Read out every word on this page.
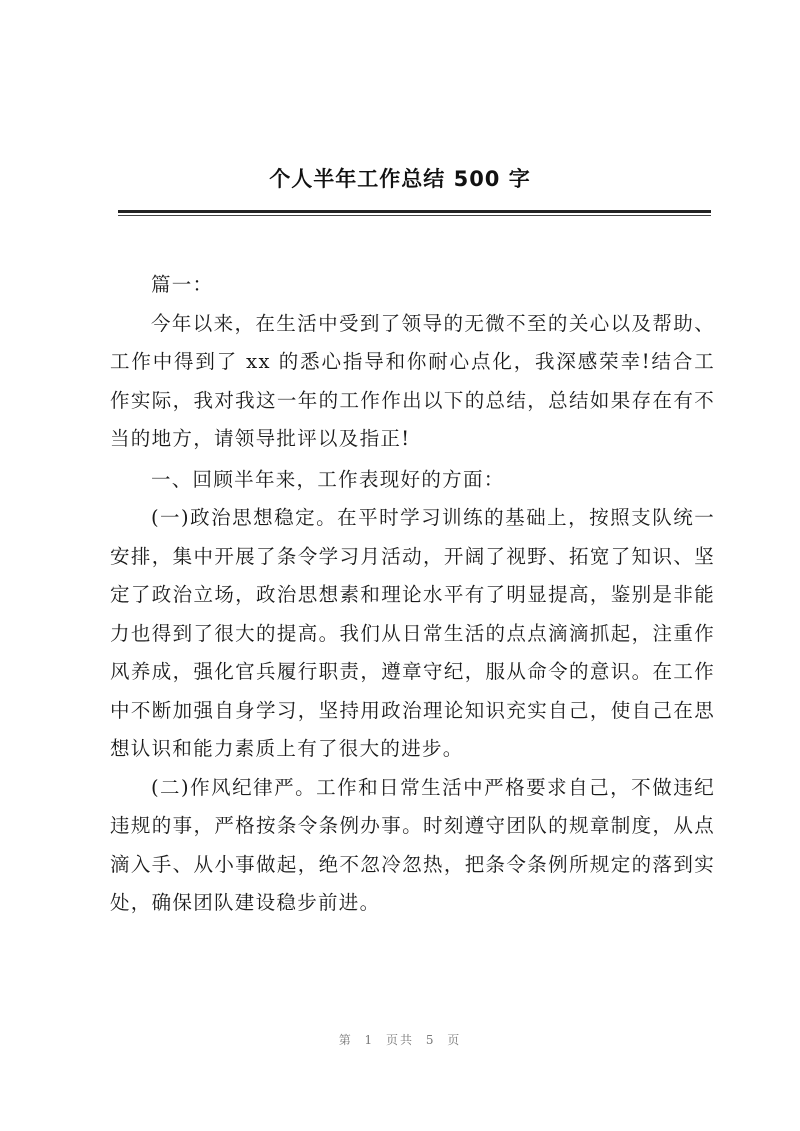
个人半年工作总结 500 字

篇一：

今年以来，在生活中受到了领导的无微不至的关心以及帮助、工作中得到了 xx 的悉心指导和你耐心点化，我深感荣幸!结合工作实际，我对我这一年的工作作出以下的总结，总结如果存在有不当的地方，请领导批评以及指正!

一、回顾半年来，工作表现好的方面：

(一)政治思想稳定。在平时学习训练的基础上，按照支队统一安排，集中开展了条令学习月活动，开阔了视野、拓宽了知识、坚定了政治立场，政治思想素和理论水平有了明显提高，鉴别是非能力也得到了很大的提高。我们从日常生活的点点滴滴抓起，注重作风养成，强化官兵履行职责，遵章守纪，服从命令的意识。在工作中不断加强自身学习，坚持用政治理论知识充实自己，使自己在思想认识和能力素质上有了很大的进步。

(二)作风纪律严。工作和日常生活中严格要求自己，不做违纪违规的事，严格按条令条例办事。时刻遵守团队的规章制度，从点滴入手、从小事做起，绝不忽冷忽热，把条令条例所规定的落到实处，确保团队建设稳步前进。

第 1 页共 5 页
